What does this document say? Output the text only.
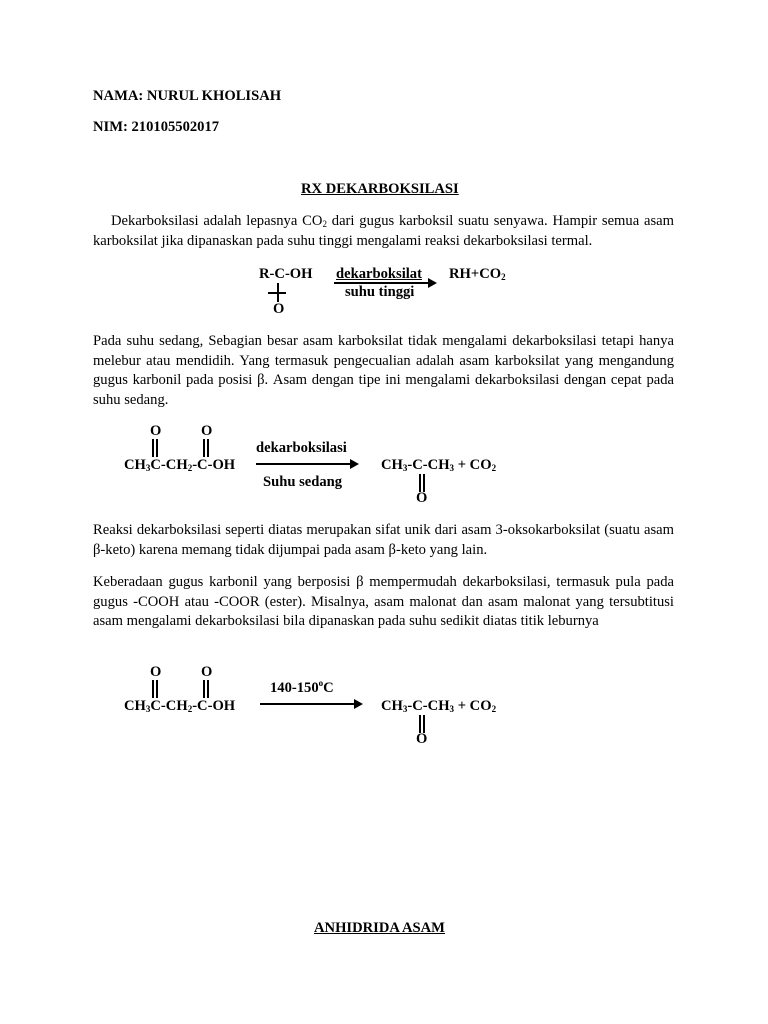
NAMA: NURUL KHOLISAH
NIM: 210105502017
RX DEKARBOKSILASI

Dekarboksilasi adalah lepasnya $CO_2$ dari gugus karboksil suatu senyawa. Hampir semua asam karboksilat jika dipanaskan pada suhu tinggi mengalami reaksi dekarboksilasi termal.

R-C-OH
O
dekarboksilat
suhu tinggi
$RH+CO_2$

Pada suhu sedang, Sebagian besar asam karboksilat tidak mengalami dekarboksilasi tetapi hanya melebur atau mendidih. Yang termasuk pengecualian adalah asam karboksilat yang mengandung gugus karbonil pada posisi β. Asam dengan tipe ini mengalami dekarboksilasi dengan cepat pada suhu sedang.

O	O
$CH_3C-CH_2-C-OH$
dekarboksilasi
Suhu sedang
$CH_3-C-CH_3 + CO_2$
O

Reaksi dekarboksilasi seperti diatas merupakan sifat unik dari asam 3-oksokarboksilat (suatu asam β-keto) karena memang tidak dijumpai pada asam β-keto yang lain.

Keberadaan gugus karbonil yang berposisi β mempermudah dekarboksilasi, termasuk pula pada gugus -COOH atau -COOR (ester). Misalnya, asam malonat dan asam malonat yang tersubtitusi asam mengalami dekarboksilasi bila dipanaskan pada suhu sedikit diatas titik leburnya

O	O
$CH_3C-CH_2-C-OH$
140-150$^o$C
$CH_3-C-CH_3 + CO_2$
O
ANHIDRIDA ASAM
